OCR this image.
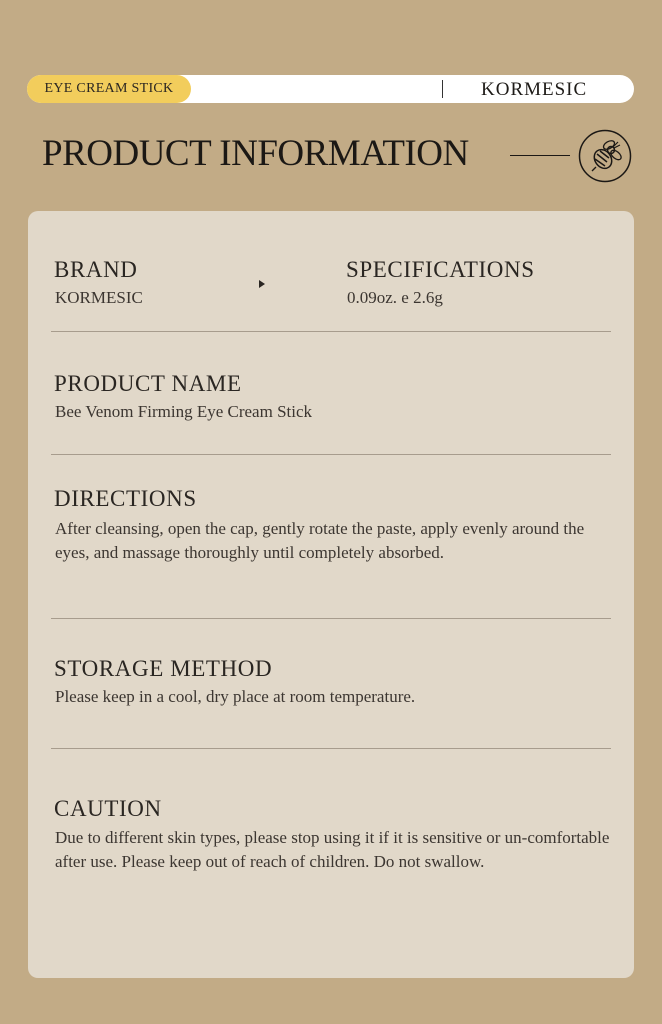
EYE CREAM STICK	KORMESIC
PRODUCT INFORMATION
BRAND
KORMESIC
SPECIFICATIONS
0.09oz. e 2.6g
PRODUCT NAME
Bee Venom Firming Eye Cream Stick
DIRECTIONS
After cleansing, open the cap, gently rotate the paste, apply evenly around the eyes, and massage thoroughly until completely absorbed.
STORAGE METHOD
Please keep in a cool, dry place at room temperature.
CAUTION
Due to different skin types, please stop using it if it is sensitive or un-comfortable after use. Please keep out of reach of children. Do not swallow.
